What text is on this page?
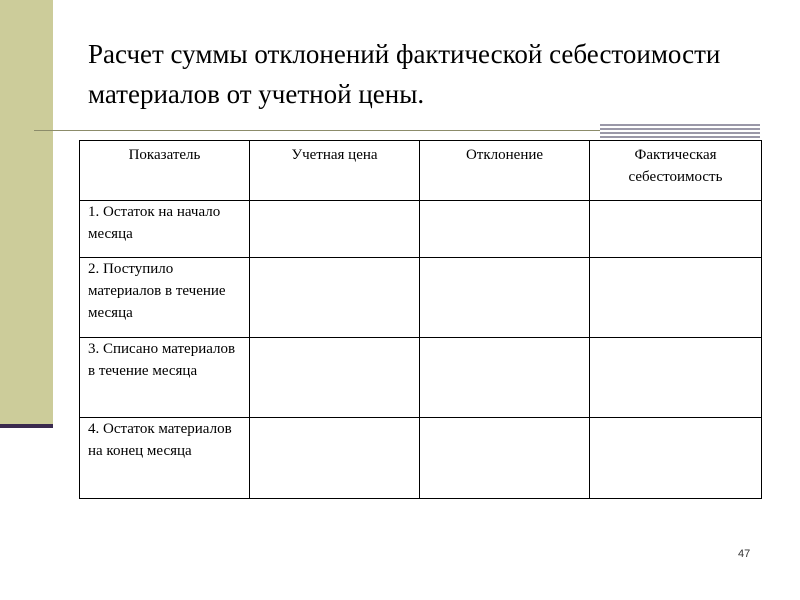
Расчет суммы отклонений фактической себестоимости материалов от учетной цены.
Показатель	Учетная цена	Отклонение	Фактическая себестоимость
1. Остаток на начало месяца			
2. Поступило материалов в течение месяца			
3. Списано материалов в течение месяца			
4. Остаток материалов на конец месяца			
47
